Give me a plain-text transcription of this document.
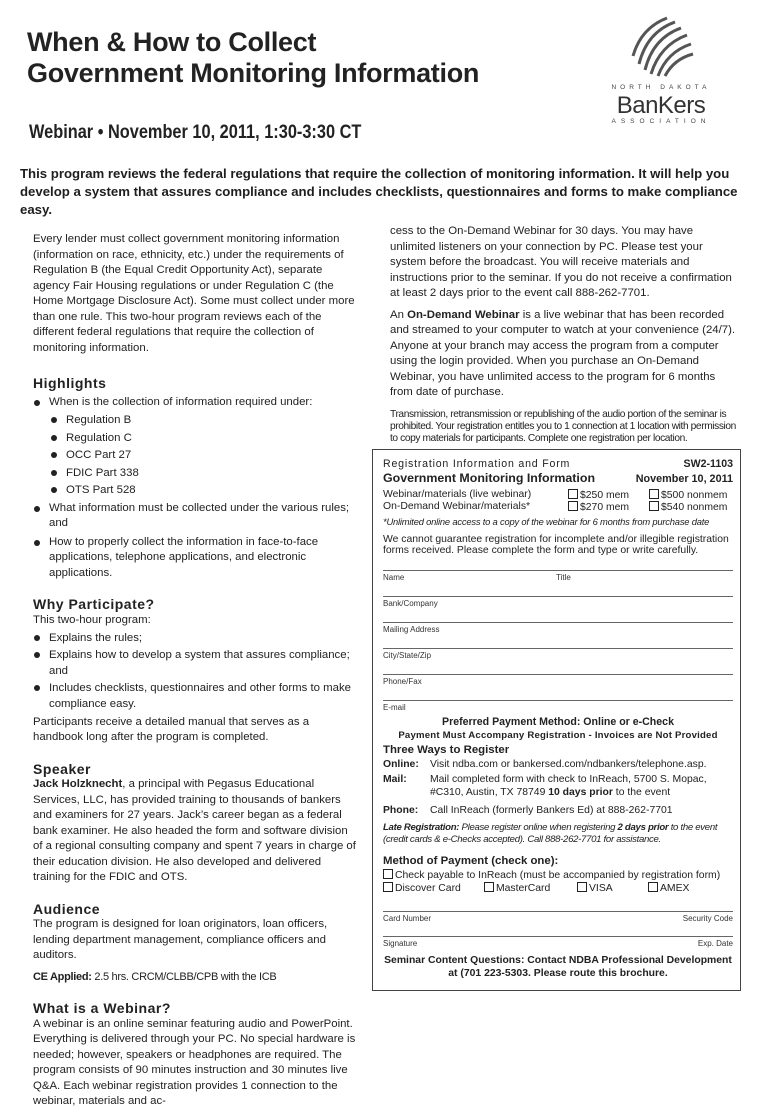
When & How to Collect
Government Monitoring Information
Webinar • November 10, 2011, 1:30-3:30 CT
This program reviews the federal regulations that require the collection of monitoring information. It will help you develop a system that assures compliance and includes checklists, questionnaires and forms to make compliance easy.
NORTH DAKOTA
BanKers
ASSOCIATION

Every lender must collect government monitoring information (information on race, ethnicity, etc.) under the requirements of Regulation B (the Equal Credit Opportunity Act), separate agency Fair Housing regulations or under Regulation C (the Home Mortgage Disclosure Act). Some must collect under more than one rule. This two-hour program reviews each of the different federal regulations that require the collection of monitoring information.

Highlights
When is the collection of information required under:
Regulation B
Regulation C
OCC Part 27
FDIC Part 338
OTS Part 528
What information must be collected under the various rules; and
How to properly collect the information in face-to-face applications, telephone applications, and electronic applications.
Why Participate?

This two-hour program:

Explains the rules;
Explains how to develop a system that assures compliance; and
Includes checklists, questionnaires and other forms to make compliance easy.

Participants receive a detailed manual that serves as a handbook long after the program is completed.

Speaker

Jack Holzknecht, a principal with Pegasus Educational Services, LLC, has provided training to thousands of bankers and examiners for 27 years. Jack’s career began as a federal bank examiner. He also headed the form and software division of a regional consulting company and spent 7 years in charge of their education division. He also developed and delivered training for the FDIC and OTS.

Audience

The program is designed for loan originators, loan officers, lending department management, compliance officers and auditors.

CE Applied: 2.5 hrs. CRCM/CLBB/CPB with the ICB

What is a Webinar?

A webinar is an online seminar featuring audio and PowerPoint. Everything is delivered through your PC. No special hardware is needed; however, speakers or headphones are required. The program consists of 90 minutes instruction and 30 minutes live Q&A. Each webinar registration provides 1 connection to the webinar, materials and ac-

cess to the On-Demand Webinar for 30 days. You may have unlimited listeners on your connection by PC. Please test your system before the broadcast. You will receive materials and instructions prior to the seminar. If you do not receive a confirmation at least 2 days prior to the event call 888-262-7701.

An On-Demand Webinar is a live webinar that has been recorded and streamed to your computer to watch at your convenience (24/7). Anyone at your branch may access the program from a computer using the login provided. When you purchase an On-Demand Webinar, you have unlimited access to the program for 6 months from date of purchase.

Transmission, retransmission or republishing of the audio portion of the seminar is prohibited. Your registration entitles you to 1 connection at 1 location with permission to copy materials for participants. Complete one registration per location.

Registration Information and Form	SW2-1103
Government Monitoring Information	November 10, 2011
Webinar/materials (live webinar)	$250 mem	$500 nonmem
On-Demand Webinar/materials*	$270 mem	$540 nonmem
*Unlimited online access to a copy of the webinar for 6 months from purchase date
We cannot guarantee registration for incomplete and/or illegible registration forms received. Please complete the form and type or write carefully.
Name	Title
Bank/Company
Mailing Address
City/State/Zip
Phone/Fax
E-mail
Preferred Payment Method: Online or e-Check
Payment Must Accompany Registration - Invoices are Not Provided
Three Ways to Register
Online: Visit ndba.com or bankersed.com/ndbankers/telephone.asp.
Mail: Mail completed form with check to InReach, 5700 S. Mopac, #C310, Austin, TX 78749 10 days prior to the event
Phone: Call InReach (formerly Bankers Ed) at 888-262-7701
Late Registration: Please register online when registering 2 days prior to the event (credit cards & e-Checks accepted). Call 888-262-7701 for assistance.
Method of Payment (check one):
Check payable to InReach (must be accompanied by registration form)
Discover Card	MasterCard	VISA	AMEX
Card Number	Security Code
Signature	Exp. Date
Seminar Content Questions: Contact NDBA Professional Development at (701 223-5303. Please route this brochure.
